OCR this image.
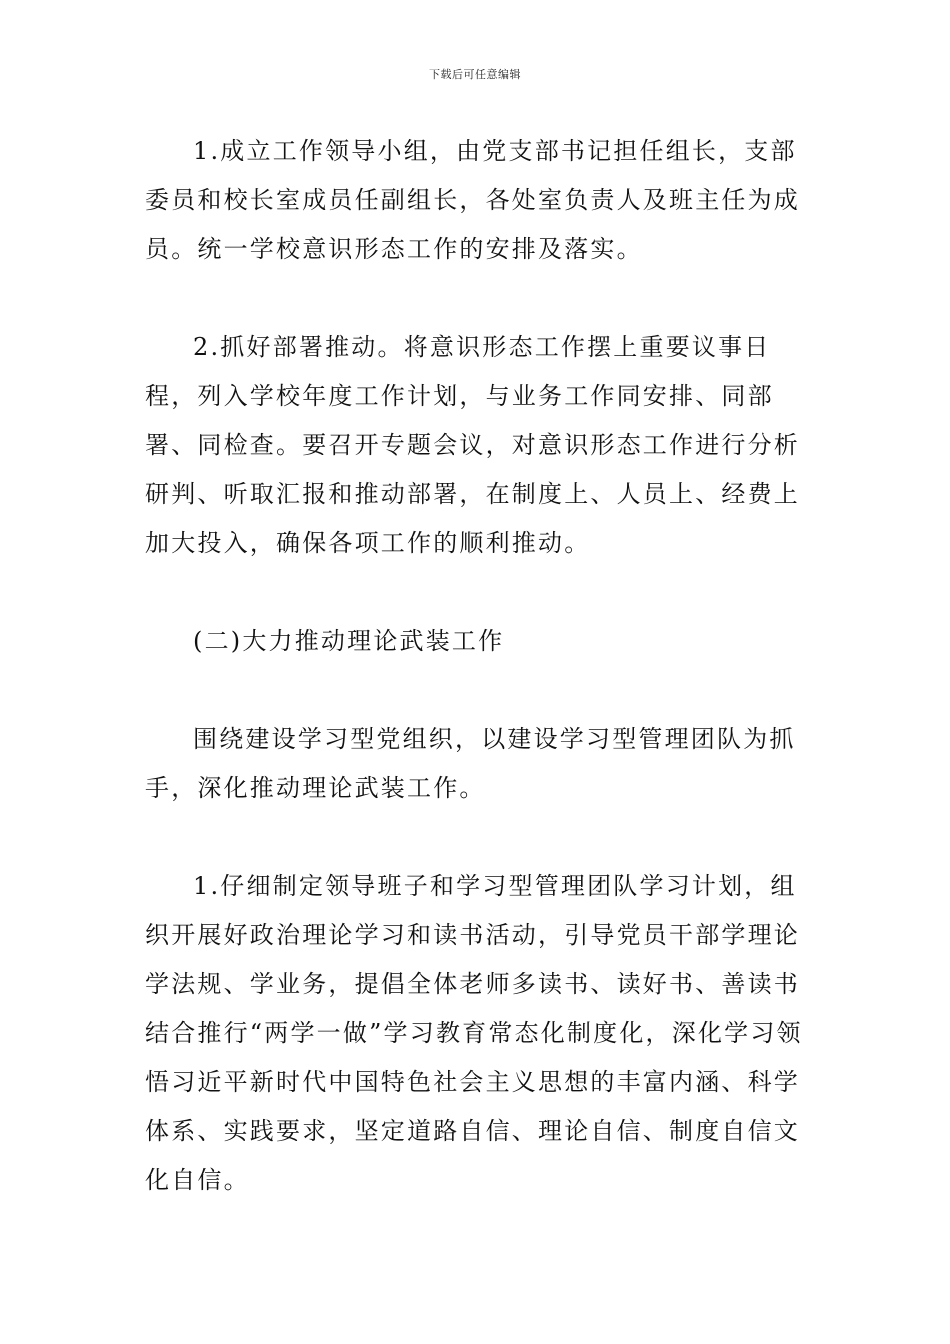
下载后可任意编辑

1.成立工作领导小组，由党支部书记担任组长，支部委员和校长室成员任副组长，各处室负责人及班主任为成员。统一学校意识形态工作的安排及落实。

2.抓好部署推动。将意识形态工作摆上重要议事日程，列入学校年度工作计划，与业务工作同安排、同部署、同检查。要召开专题会议，对意识形态工作进行分析研判、听取汇报和推动部署，在制度上、人员上、经费上加大投入，确保各项工作的顺利推动。

(二)大力推动理论武装工作

围绕建设学习型党组织，以建设学习型管理团队为抓手，深化推动理论武装工作。

1.仔细制定领导班子和学习型管理团队学习计划，组织开展好政治理论学习和读书活动，引导党员干部学理论学法规、学业务，提倡全体老师多读书、读好书、善读书结合推行“两学一做”学习教育常态化制度化，深化学习领悟习近平新时代中国特色社会主义思想的丰富内涵、科学体系、实践要求，坚定道路自信、理论自信、制度自信文化自信。
